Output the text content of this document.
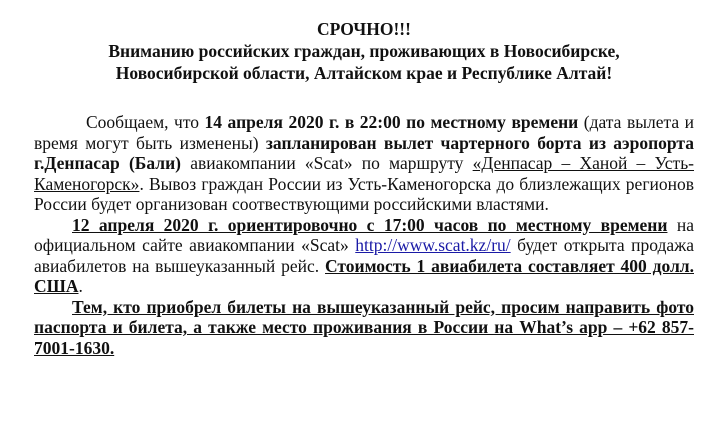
СРОЧНО!!!
Вниманию российских граждан, проживающих в Новосибирске,
Новосибирской области, Алтайском крае и Республике Алтай!
Сообщаем, что 14 апреля 2020 г. в 22:00 по местному времени (дата вылета и время могут быть изменены) запланирован вылет чартерного борта из аэропорта г.Денпасар (Бали) авиакомпании «Scat» по маршруту «Денпасар – Ханой – Усть-Каменогорск». Вывоз граждан России из Усть-Каменогорска до близлежащих регионов России будет организован соотвествующими российскими властями.
12 апреля 2020 г. ориентировочно с 17:00 часов по местному времени на официальном сайте авиакомпании «Scat» http://www.scat.kz/ru/ будет открыта продажа авиабилетов на вышеуказанный рейс. Стоимость 1 авиабилета составляет 400 долл. США.
Тем, кто приобрел билеты на вышеуказанный рейс, просим направить фото паспорта и билета, а также место проживания в России на What’s app – +62 857-7001-1630.
